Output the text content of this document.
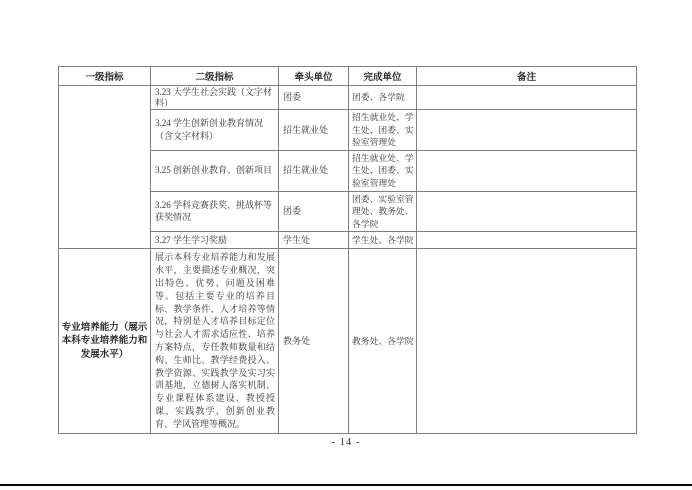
一级指标	二级指标	牵头单位	完成单位	备注
	3.23 大学生社会实践（文字材料）	团委	团委、各学院	
	3.24 学生创新创业教育情况（含文字材料）	招生就业处	招生就业处、学生处、团委、实验室管理处	
	3.25 创新创业教育、创新项目	招生就业处	招生就业处、学生处、团委、实验室管理处	
	3.26 学科竞赛获奖、挑战杯等获奖情况	团委	团委、实验室管理处、教务处、各学院	
	3.27 学生学习奖励	学生处	学生处、各学院	
专业培养能力（展示本科专业培养能力和发展水平）	展示本科专业培养能力和发展水平，主要描述专业概况，突出特色、优势、问题及困难等。包括主要专业的培养目标、教学条件、人才培养等情况，特别是人才培养目标定位与社会人才需求适应性、培养方案特点，专任教师数量和结构、生师比、教学经费投入、教学资源、实践教学及实习实训基地，立德树人落实机制、专业课程体系建设、教授授课、实践教学、创新创业教育、学风管理等概况。	教务处	教务处、各学院	
- 14 -
